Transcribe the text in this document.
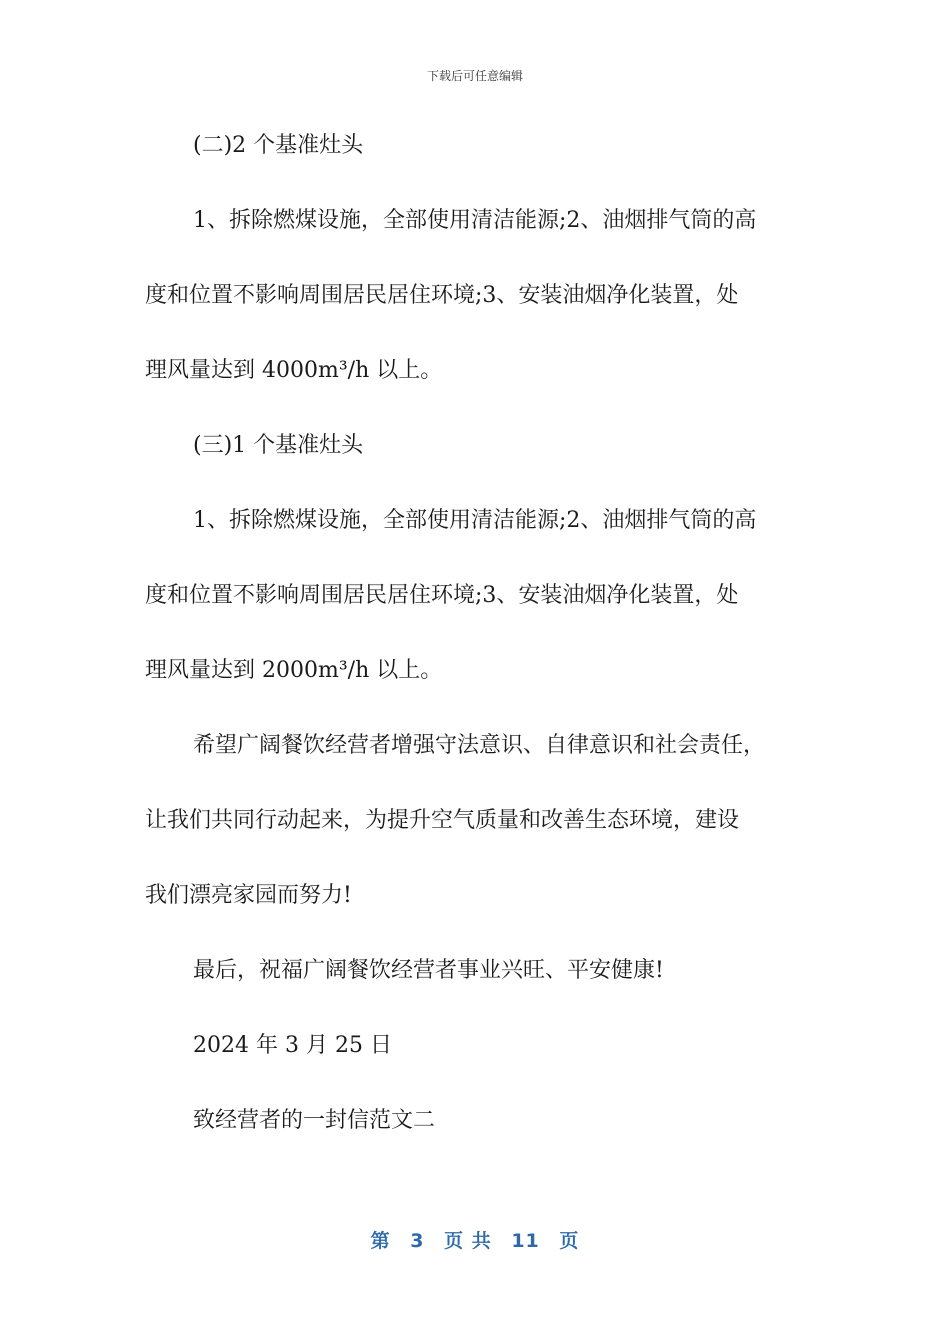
下载后可任意编辑
(二)2 个基准灶头
1、拆除燃煤设施，全部使用清洁能源;2、油烟排气筒的高
度和位置不影响周围居民居住环境;3、安装油烟净化装置，处
理风量达到 4000m³/h 以上。
(三)1 个基准灶头
1、拆除燃煤设施，全部使用清洁能源;2、油烟排气筒的高
度和位置不影响周围居民居住环境;3、安装油烟净化装置，处
理风量达到 2000m³/h 以上。
希望广阔餐饮经营者增强守法意识、自律意识和社会责任，
让我们共同行动起来，为提升空气质量和改善生态环境，建设
我们漂亮家园而努力!
最后，祝福广阔餐饮经营者事业兴旺、平安健康!
2024 年 3 月 25 日
致经营者的一封信范文二
第 3 页 共 11 页
